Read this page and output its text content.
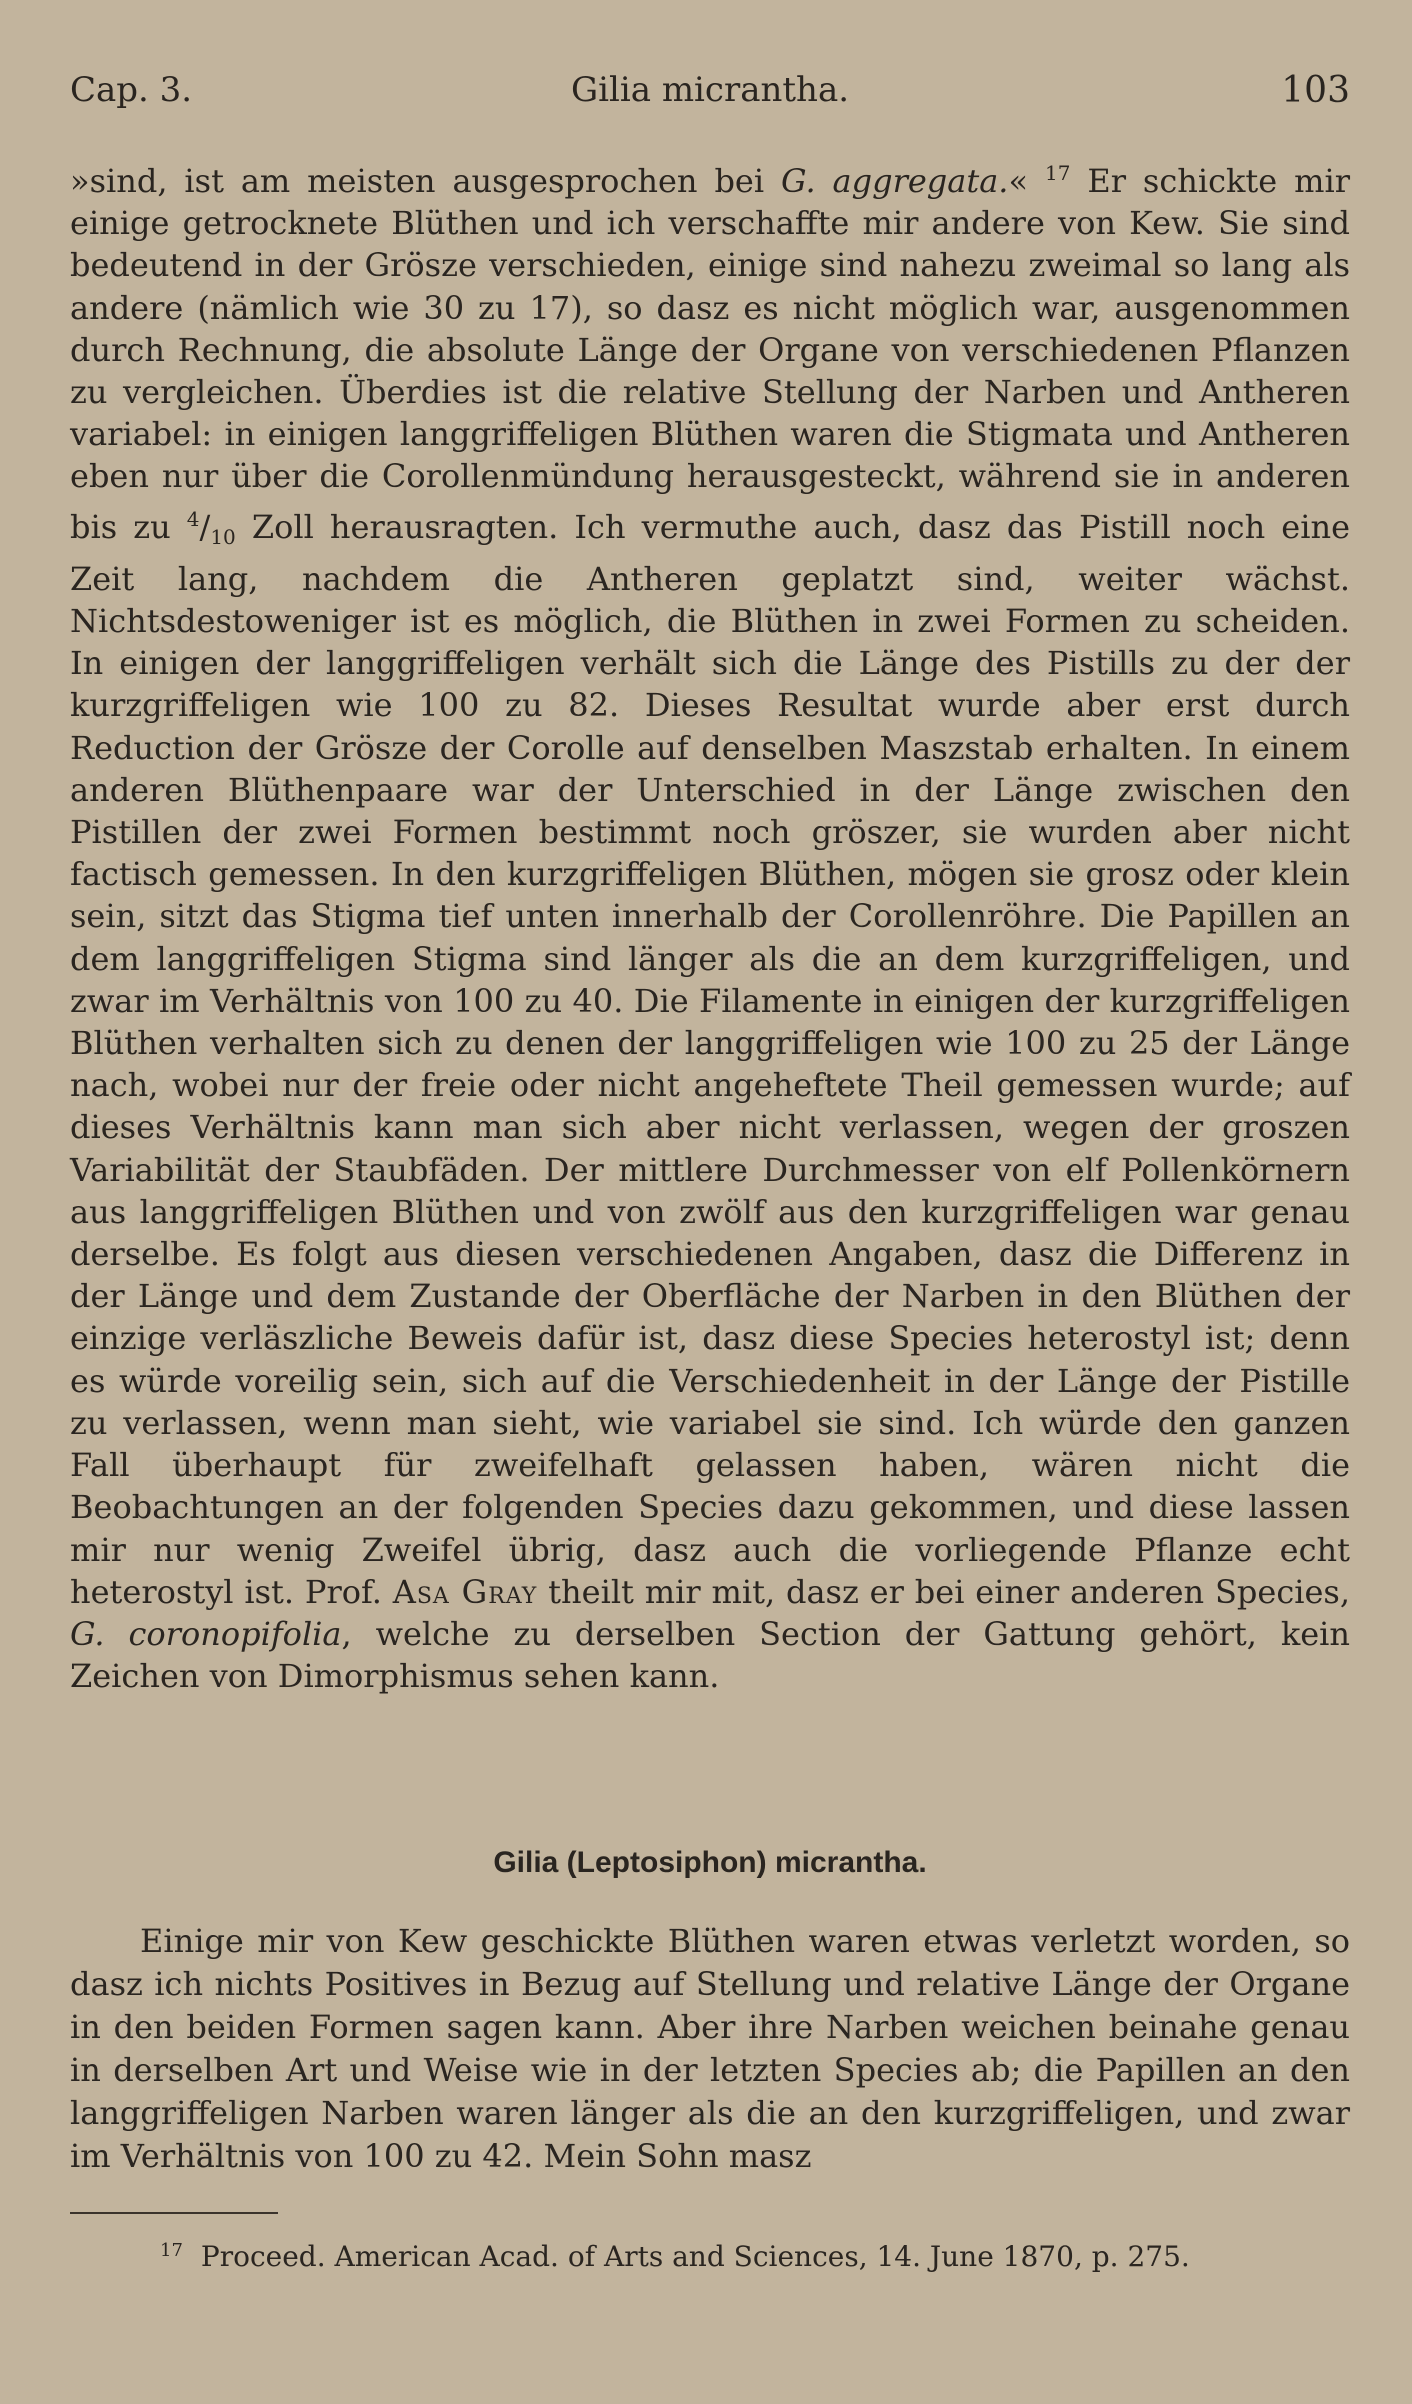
Cap. 3.	Gilia micrantha.	103

»sind, ist am meisten ausgesprochen bei G. aggregata.« $^{17}$ Er schickte mir einige getrocknete Blüthen und ich verschaffte mir andere von Kew. Sie sind bedeutend in der Grösze verschieden, einige sind nahezu zweimal so lang als andere (nämlich wie 30 zu 17), so dasz es nicht möglich war, ausgenommen durch Rechnung, die absolute Länge der Organe von verschiedenen Pflanzen zu vergleichen. Überdies ist die relative Stellung der Narben und Antheren variabel: in einigen langgriffeligen Blüthen waren die Stigmata und Antheren eben nur über die Corollenmündung herausgesteckt, während sie in anderen bis zu $^4/_{10}$ Zoll herausragten. Ich vermuthe auch, dasz das Pistill noch eine Zeit lang, nachdem die Antheren geplatzt sind, weiter wächst. Nichtsdestoweniger ist es möglich, die Blüthen in zwei Formen zu scheiden. In einigen der langgriffeligen verhält sich die Länge des Pistills zu der der kurzgriffeligen wie 100 zu 82. Dieses Resultat wurde aber erst durch Reduction der Grösze der Corolle auf denselben Maszstab erhalten. In einem anderen Blüthenpaare war der Unterschied in der Länge zwischen den Pistillen der zwei Formen bestimmt noch gröszer, sie wurden aber nicht factisch gemessen. In den kurzgriffeligen Blüthen, mögen sie grosz oder klein sein, sitzt das Stigma tief unten innerhalb der Corollenröhre. Die Papillen an dem langgriffeligen Stigma sind länger als die an dem kurzgriffeligen, und zwar im Verhältnis von 100 zu 40. Die Filamente in einigen der kurzgriffeligen Blüthen verhalten sich zu denen der langgriffeligen wie 100 zu 25 der Länge nach, wobei nur der freie oder nicht angeheftete Theil gemessen wurde; auf dieses Verhältnis kann man sich aber nicht verlassen, wegen der groszen Variabilität der Staubfäden. Der mittlere Durchmesser von elf Pollenkörnern aus langgriffeligen Blüthen und von zwölf aus den kurzgriffeligen war genau derselbe. Es folgt aus diesen verschiedenen Angaben, dasz die Differenz in der Länge und dem Zustande der Oberfläche der Narben in den Blüthen der einzige verläszliche Beweis dafür ist, dasz diese Species heterostyl ist; denn es würde voreilig sein, sich auf die Verschiedenheit in der Länge der Pistille zu verlassen, wenn man sieht, wie variabel sie sind. Ich würde den ganzen Fall überhaupt für zweifelhaft gelassen haben, wären nicht die Beobachtungen an der folgenden Species dazu gekommen, und diese lassen mir nur wenig Zweifel übrig, dasz auch die vorliegende Pflanze echt heterostyl ist. Prof. Asa Gray theilt mir mit, dasz er bei einer anderen Species, G. coronopifolia, welche zu derselben Section der Gattung gehört, kein Zeichen von Dimorphismus sehen kann.

Gilia (Leptosiphon) micrantha.

Einige mir von Kew geschickte Blüthen waren etwas verletzt worden, so dasz ich nichts Positives in Bezug auf Stellung und relative Länge der Organe in den beiden Formen sagen kann. Aber ihre Narben weichen beinahe genau in derselben Art und Weise wie in der letzten Species ab; die Papillen an den langgriffeligen Narben waren länger als die an den kurzgriffeligen, und zwar im Verhältnis von 100 zu 42. Mein Sohn masz

$^{17}$ Proceed. American Acad. of Arts and Sciences, 14. June 1870, p. 275.
